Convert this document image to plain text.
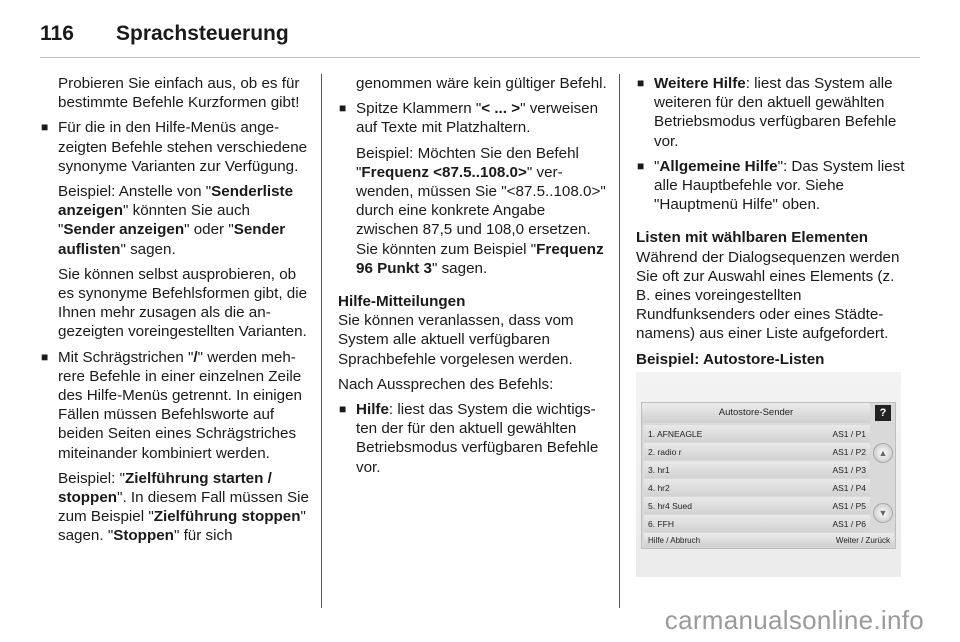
116	Sprachsteuerung

Probieren Sie einfach aus, ob es für bestimmte Befehle Kurzformen gibt!

■ Für die in den Hilfe-Menüs angezeigten Befehle stehen verschiedene synonyme Varianten zur Verfügung.

Beispiel: Anstelle von "Senderliste anzeigen" könnten Sie auch "Sender anzeigen" oder "Sender auflisten" sagen.

Sie können selbst ausprobieren, ob es synonyme Befehlsformen gibt, die Ihnen mehr zusagen als die angezeigten voreingestellten Varianten.

■ Mit Schrägstrichen "/" werden mehrere Befehle in einer einzelnen Zeile des Hilfe-Menüs getrennt. In einigen Fällen müssen Befehlsworte auf beiden Seiten eines Schrägstriches miteinander kombiniert werden.

Beispiel: "Zielführung starten / stoppen". In diesem Fall müssen Sie zum Beispiel "Zielführung stoppen" sagen. "Stoppen" für sich

genommen wäre kein gültiger Befehl.

■ Spitze Klammern "< ... >" verweisen auf Texte mit Platzhaltern.

Beispiel: Möchten Sie den Befehl "Frequenz <87.5..108.0>" verwenden, müssen Sie "<87.5..108.0>" durch eine konkrete Angabe zwischen 87,5 und 108,0 ersetzen. Sie könnten zum Beispiel "Frequenz 96 Punkt 3" sagen.

Hilfe-Mitteilungen

Sie können veranlassen, dass vom System alle aktuell verfügbaren Sprachbefehle vorgelesen werden.

Nach Aussprechen des Befehls:

■ Hilfe: liest das System die wichtigsten der für den aktuell gewählten Betriebsmodus verfügbaren Befehle vor.

■ Weitere Hilfe: liest das System alle weiteren für den aktuell gewählten Betriebsmodus verfügbaren Befehle vor.

■ "Allgemeine Hilfe": Das System liest alle Hauptbefehle vor. Siehe "Hauptmenü Hilfe" oben.

Listen mit wählbaren Elementen

Während der Dialogsequenzen werden Sie oft zur Auswahl eines Elements (z. B. eines voreingestellten Rundfunksenders oder eines Städtenamens) aus einer Liste aufgefordert.

Beispiel: Autostore-Listen
Autostore-Sender	?
1. AFNEAGLE	AS1 / P1
2. radio r	AS1 / P2
3. hr1	AS1 / P3
4. hr2	AS1 / P4
5. hr4 Sued	AS1 / P5
6. FFH	AS1 / P6
▲
▼
Hilfe / Abbruch	Weiter / Zurück
carmanualsonline.info
